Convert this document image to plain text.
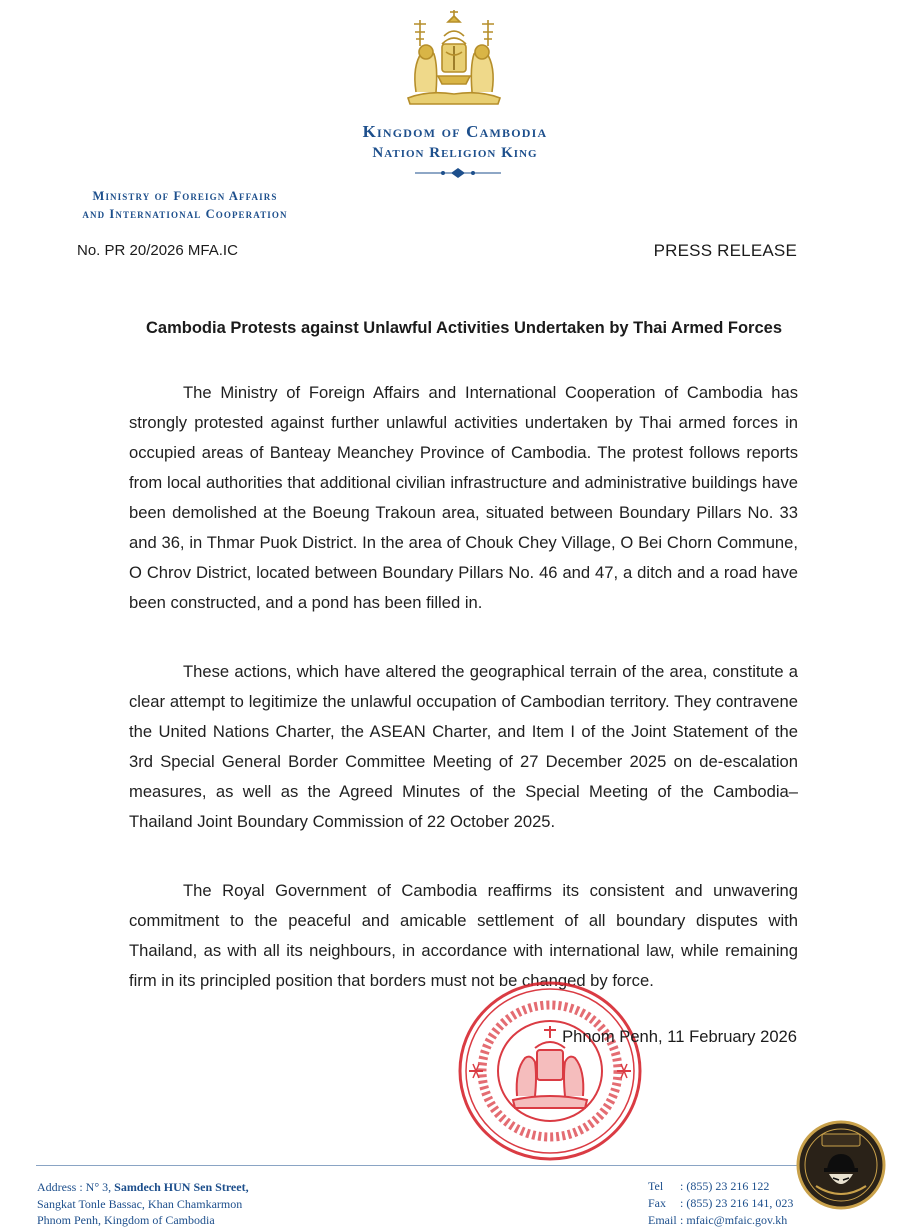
Kingdom of Cambodia
Nation Religion King
Ministry of Foreign Affairs
and International Cooperation
No. PR 20/2026 MFA.IC	PRESS RELEASE
Cambodia Protests against Unlawful Activities Undertaken by Thai Armed Forces

The Ministry of Foreign Affairs and International Cooperation of Cambodia has strongly protested against further unlawful activities undertaken by Thai armed forces in occupied areas of Banteay Meanchey Province of Cambodia. The protest follows reports from local authorities that additional civilian infrastructure and administrative buildings have been demolished at the Boeung Trakoun area, situated between Boundary Pillars No. 33 and 36, in Thmar Puok District. In the area of Chouk Chey Village, O Bei Chorn Commune, O Chrov District, located between Boundary Pillars No. 46 and 47, a ditch and a road have been constructed, and a pond has been filled in.

These actions, which have altered the geographical terrain of the area, constitute a clear attempt to legitimize the unlawful occupation of Cambodian territory. They contravene the United Nations Charter, the ASEAN Charter, and Item I of the Joint Statement of the 3rd Special General Border Committee Meeting of 27 December 2025 on de-escalation measures, as well as the Agreed Minutes of the Special Meeting of the Cambodia–Thailand Joint Boundary Commission of 22 October 2025.

The Royal Government of Cambodia reaffirms its consistent and unwavering commitment to the peaceful and amicable settlement of all boundary disputes with Thailand, as with all its neighbours, in accordance with international law, while remaining firm in its principled position that borders must not be changed by force.

Phnom Penh, 11 February 2026
Address : N° 3, Samdech HUN Sen Street,
Sangkat Tonle Bassac, Khan Chamkarmon
Phnom Penh, Kingdom of Cambodia
Tel	: (855) 23 216 122
Fax	: (855) 23 216 141, 023
Email : mfaic@mfaic.gov.kh
